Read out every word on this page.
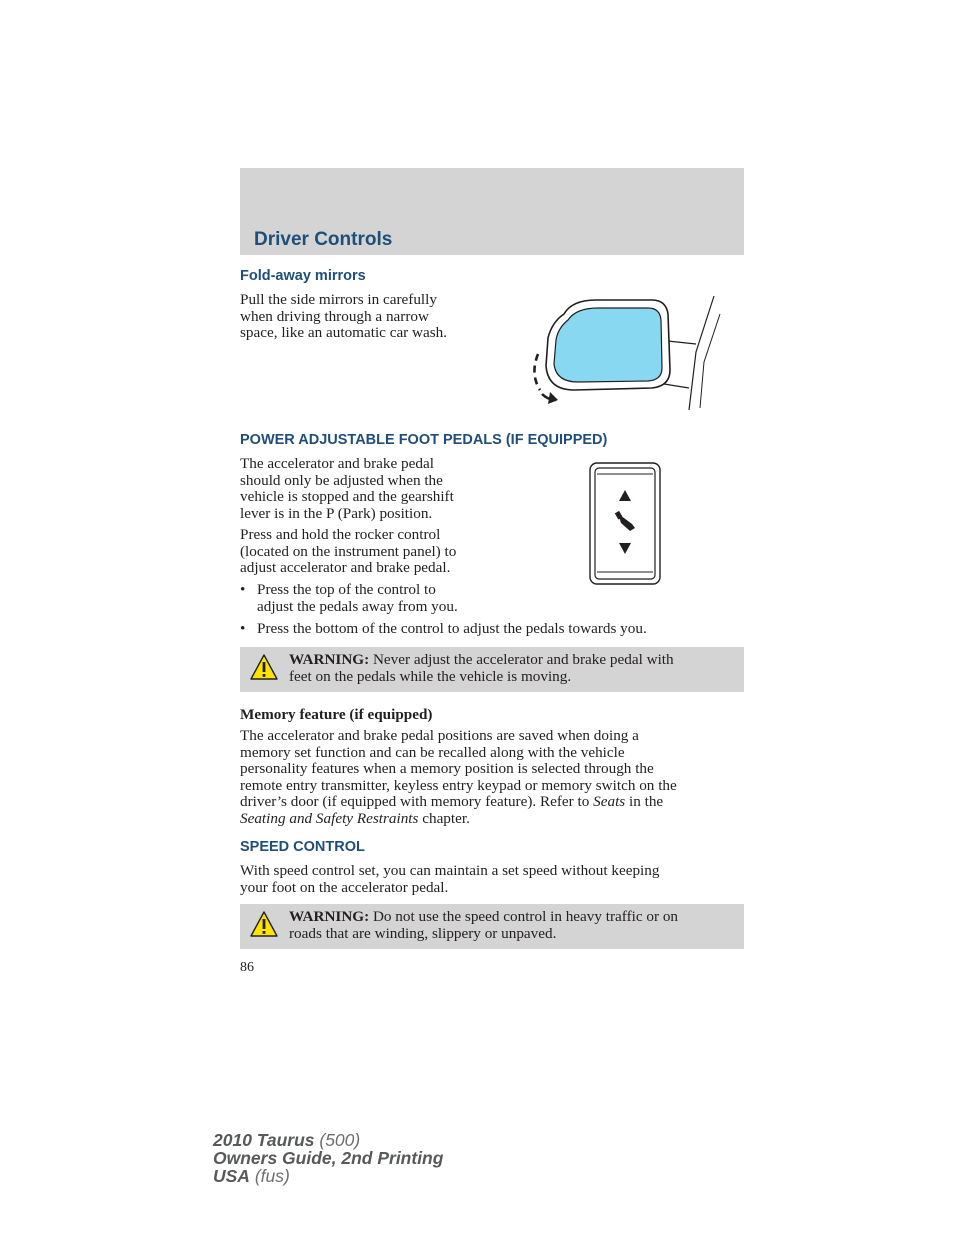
Driver Controls
Fold-away mirrors
Pull the side mirrors in carefully
when driving through a narrow
space, like an automatic car wash.
POWER ADJUSTABLE FOOT PEDALS (IF EQUIPPED)
The accelerator and brake pedal
should only be adjusted when the
vehicle is stopped and the gearshift
lever is in the P (Park) position.
Press and hold the rocker control
(located on the instrument panel) to
adjust accelerator and brake pedal.
• Press the top of the control to
adjust the pedals away from you.
• Press the bottom of the control to adjust the pedals towards you.
WARNING: Never adjust the accelerator and brake pedal with
feet on the pedals while the vehicle is moving.
Memory feature (if equipped)
The accelerator and brake pedal positions are saved when doing a
memory set function and can be recalled along with the vehicle
personality features when a memory position is selected through the
remote entry transmitter, keyless entry keypad or memory switch on the
driver’s door (if equipped with memory feature). Refer to Seats in the
Seating and Safety Restraints chapter.
SPEED CONTROL
With speed control set, you can maintain a set speed without keeping
your foot on the accelerator pedal.
WARNING: Do not use the speed control in heavy traffic or on
roads that are winding, slippery or unpaved.
86
2010 Taurus (500)
Owners Guide, 2nd Printing
USA (fus)
